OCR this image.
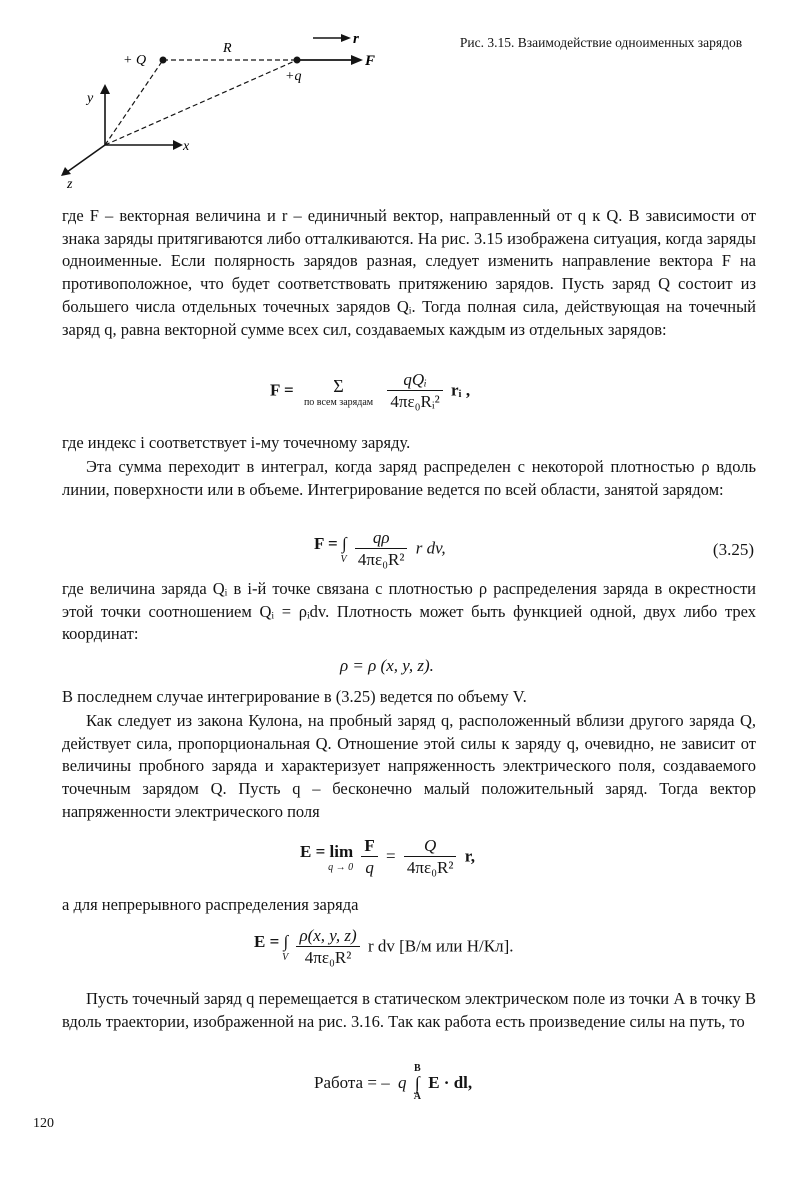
+ Q
R
+q
r
F
y
x
z
Рис. 3.15. Взаимодействие одноименных зарядов

где F – векторная величина и r – единичный вектор, направленный от q к Q. В зависимости от знака заряды притягиваются либо отталкиваются. На рис. 3.15 изображена ситуация, когда заряды одноименные. Если полярность зарядов разная, следует изменить направление вектора F на противоположное, что будет соответствовать притяжению зарядов. Пусть заряд Q состоит из большего числа отдельных точечных зарядов Qᵢ. Тогда полная сила, действующая на точечный заряд q, равна векторной сумме всех сил, создаваемых каждым из отдельных зарядов:

F =	Σ
по всем зарядам
$\frac{\text{qQᵢ}}{\text{4πε₀Rᵢ²}}$ rᵢ ,

где индекс i соответствует i-му точечному заряду.

Эта сумма переходит в интеграл, когда заряд распределен с некоторой плотностью ρ вдоль линии, поверхности или в объеме. Интегрирование ведется по всей области, занятой зарядом:

F = ∫
V
$\frac{q\rho}{\text{4πε₀R²}}$ r dv,	(3.25)

где величина заряда Qᵢ в i-й точке связана с плотностью ρ распределения заряда в окрестности этой точки соотношением Qᵢ = ρᵢdv. Плотность может быть функцией одной, двух либо трех координат:

ρ = ρ (x, y, z).

В последнем случае интегрирование в (3.25) ведется по объему V.

Как следует из закона Кулона, на пробный заряд q, расположенный вблизи другого заряда Q, действует сила, пропорциональная Q. Отношение этой силы к заряду q, очевидно, не зависит от величины пробного заряда и характеризует напряженность электрического поля, создаваемого точечным зарядом Q. Пусть q – бесконечно малый положительный заряд. Тогда вектор напряженности электрического поля

E = lim
q → 0
$\frac{F}{q} = \frac{Q}{\text{4πε₀R²}} r$,

а для непрерывного распределения заряда

E = ∫
V
$\frac{\rho(x, y, z)}{\text{4πε₀R²}}$ r dv [В/м или Н/Кл].

Пусть точечный заряд q перемещается в статическом электрическом поле из точки А в точку В вдоль траектории, изображенной на рис. 3.16. Так как работа есть произведение силы на путь, то

Работа = – q
B
∫
A
E · dl,
120
